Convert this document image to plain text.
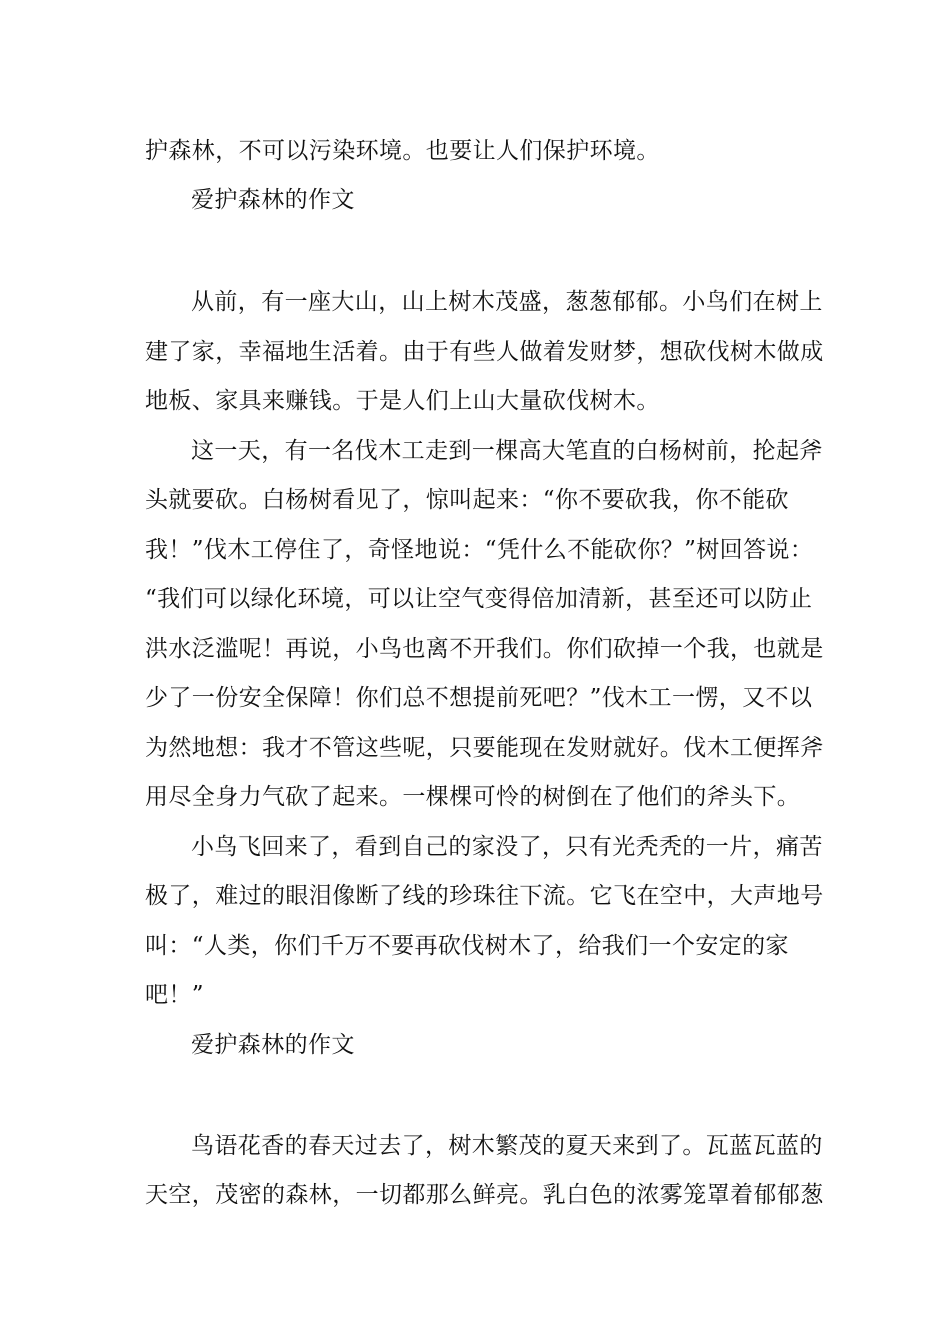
护森林，不可以污染环境。也要让人们保护环境。
爱护森林的作文
从前，有一座大山，山上树木茂盛，葱葱郁郁。小鸟们在树上
建了家，幸福地生活着。由于有些人做着发财梦，想砍伐树木做成
地板、家具来赚钱。于是人们上山大量砍伐树木。
这一天，有一名伐木工走到一棵高大笔直的白杨树前，抡起斧
头就要砍。白杨树看见了，惊叫起来：“你不要砍我，你不能砍
我！”伐木工停住了，奇怪地说：“凭什么不能砍你？”树回答说：
“我们可以绿化环境，可以让空气变得倍加清新，甚至还可以防止
洪水泛滥呢！再说，小鸟也离不开我们。你们砍掉一个我，也就是
少了一份安全保障！你们总不想提前死吧？”伐木工一愣，又不以
为然地想：我才不管这些呢，只要能现在发财就好。伐木工便挥斧
用尽全身力气砍了起来。一棵棵可怜的树倒在了他们的斧头下。
小鸟飞回来了，看到自己的家没了，只有光秃秃的一片，痛苦
极了，难过的眼泪像断了线的珍珠往下流。它飞在空中，大声地号
叫：“人类，你们千万不要再砍伐树木了，给我们一个安定的家
吧！”
爱护森林的作文
鸟语花香的春天过去了，树木繁茂的夏天来到了。瓦蓝瓦蓝的
天空，茂密的森林，一切都那么鲜亮。乳白色的浓雾笼罩着郁郁葱
